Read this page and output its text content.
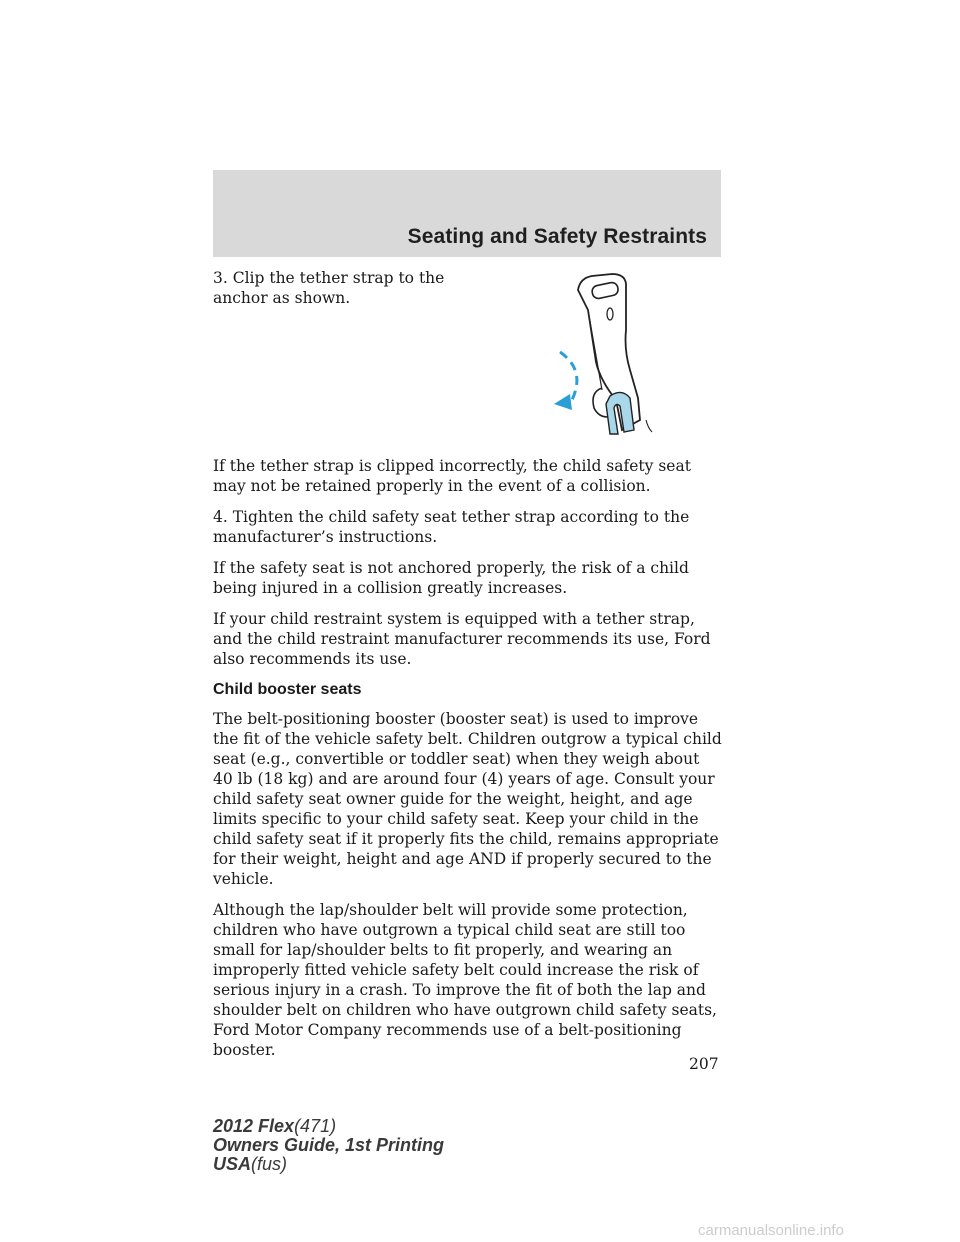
Seating and Safety Restraints
3. Clip the tether strap to the anchor as shown.

If the tether strap is clipped incorrectly, the child safety seat may not be retained properly in the event of a collision.

4. Tighten the child safety seat tether strap according to the manufacturer’s instructions.

If the safety seat is not anchored properly, the risk of a child being injured in a collision greatly increases.

If your child restraint system is equipped with a tether strap, and the child restraint manufacturer recommends its use, Ford also recommends its use.

Child booster seats

The belt-positioning booster (booster seat) is used to improve the fit of the vehicle safety belt. Children outgrow a typical child seat (e.g., convertible or toddler seat) when they weigh about 40 lb (18 kg) and are around four (4) years of age. Consult your child safety seat owner guide for the weight, height, and age limits specific to your child safety seat. Keep your child in the child safety seat if it properly fits the child, remains appropriate for their weight, height and age AND if properly secured to the vehicle.

Although the lap/shoulder belt will provide some protection, children who have outgrown a typical child seat are still too small for lap/shoulder belts to fit properly, and wearing an improperly fitted vehicle safety belt could increase the risk of serious injury in a crash. To improve the fit of both the lap and shoulder belt on children who have outgrown child safety seats, Ford Motor Company recommends use of a belt-positioning booster.

207
2012 Flex(471)
Owners Guide, 1st Printing
USA(fus)
carmanualsonline.info
